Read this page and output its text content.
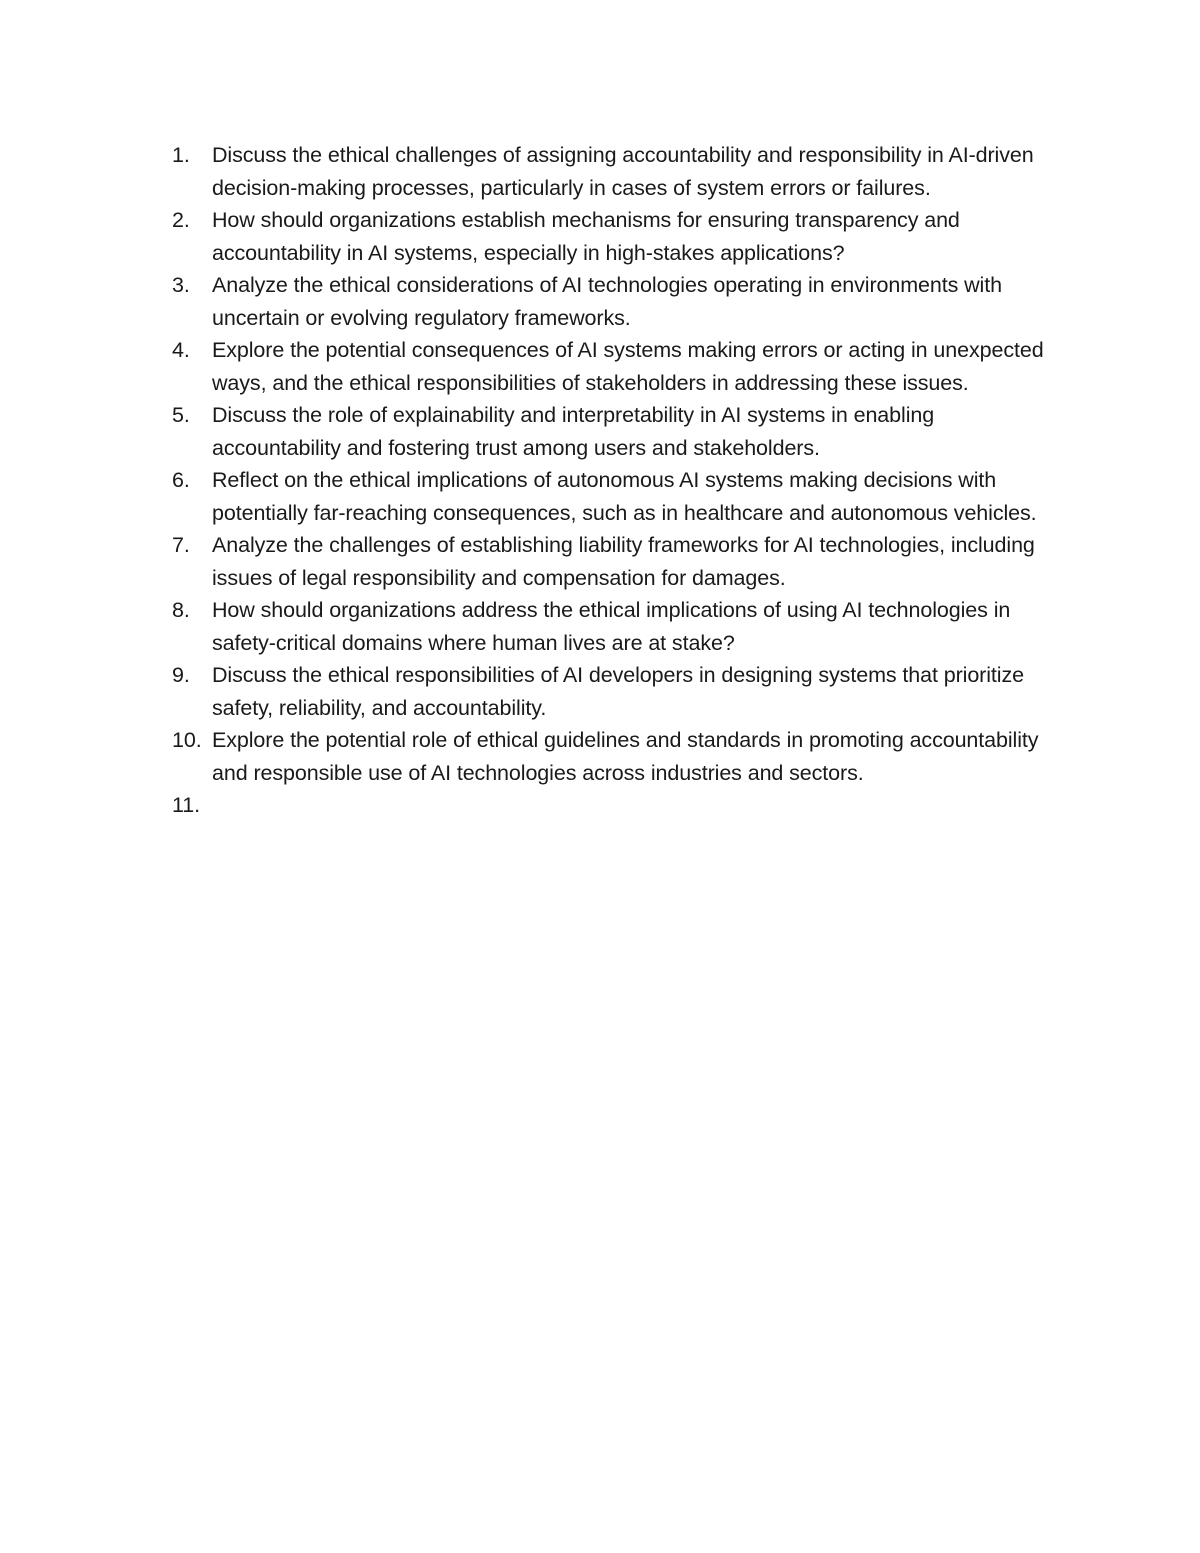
1.	Discuss the ethical challenges of assigning accountability and responsibility in AI-driven decision-making processes, particularly in cases of system errors or failures.
2.	How should organizations establish mechanisms for ensuring transparency and accountability in AI systems, especially in high-stakes applications?
3.	Analyze the ethical considerations of AI technologies operating in environments with uncertain or evolving regulatory frameworks.
4.	Explore the potential consequences of AI systems making errors or acting in unexpected ways, and the ethical responsibilities of stakeholders in addressing these issues.
5.	Discuss the role of explainability and interpretability in AI systems in enabling accountability and fostering trust among users and stakeholders.
6.	Reflect on the ethical implications of autonomous AI systems making decisions with potentially far-reaching consequences, such as in healthcare and autonomous vehicles.
7.	Analyze the challenges of establishing liability frameworks for AI technologies, including issues of legal responsibility and compensation for damages.
8.	How should organizations address the ethical implications of using AI technologies in safety-critical domains where human lives are at stake?
9.	Discuss the ethical responsibilities of AI developers in designing systems that prioritize safety, reliability, and accountability.
10. Explore the potential role of ethical guidelines and standards in promoting accountability and responsible use of AI technologies across industries and sectors.
11.
